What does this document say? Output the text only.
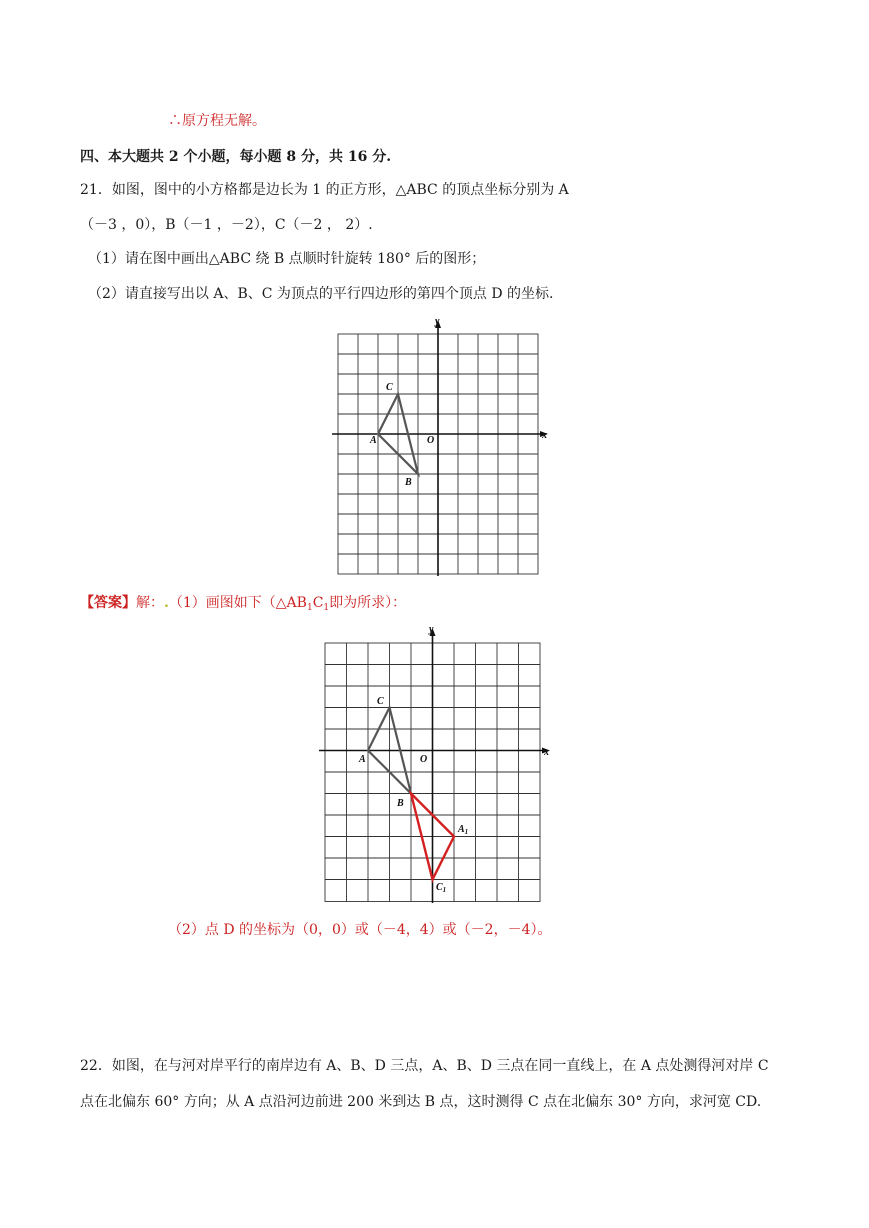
∴原方程无解。
四、本大题共 2 个小题，每小题 8 分，共 16 分.
21．如图，图中的小方格都是边长为 1 的正方形，△ABC 的顶点坐标分别为 A
（－3 ，0），B（－1 ，－2），C（－2 ， 2）.
（1）请在图中画出△ABC 绕 B 点顺时针旋转 180° 后的图形；
（2）请直接写出以 A、B、C 为顶点的平行四边形的第四个顶点 D 的坐标.
x
y
O
A
B
C
【答案】解：.（1）画图如下（$\triangle AB_1C_1$即为所求）：
x
y
O
A
B
C
$A_1$
$C_1$
（2）点 D 的坐标为（0，0）或（－4，4）或（－2，－4）。
22．如图，在与河对岸平行的南岸边有 A、B、D 三点，A、B、D 三点在同一直线上，在 A 点处测得河对岸 C
点在北偏东 60° 方向；从 A 点沿河边前进 200 米到达 B 点，这时测得 C 点在北偏东 30° 方向，求河宽 CD.
